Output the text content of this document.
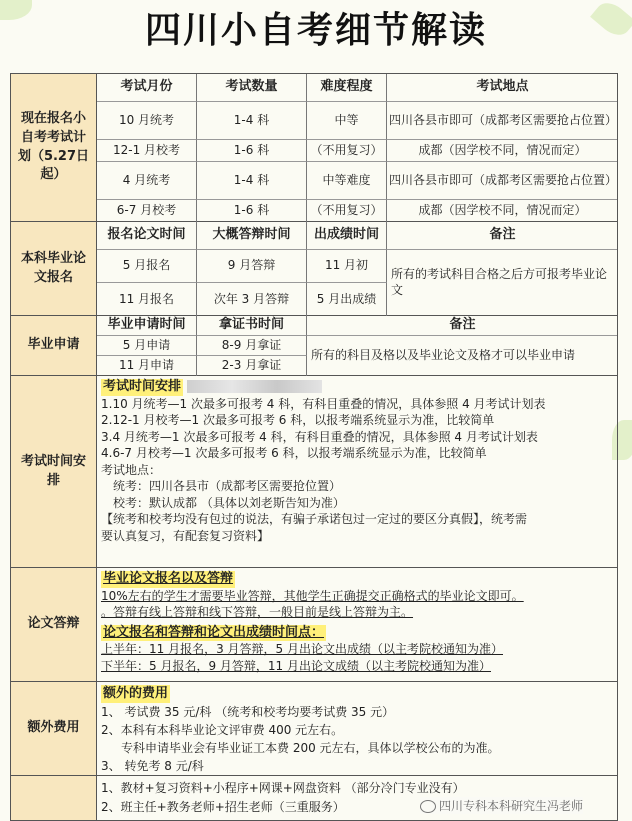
四川小自考细节解读
现在报名小自考考试计划（5.27日起）
考试月份	考试数量	难度程度	考试地点
10 月统考	1-4 科	中等	四川各县市即可（成都考区需要抢占位置）
12-1 月校考	1-6 科	（不用复习）	成都（因学校不同，情况而定）
4 月统考	1-4 科	中等难度	四川各县市即可（成都考区需要抢占位置）
6-7 月校考	1-6 科	（不用复习）	成都（因学校不同，情况而定）
本科毕业论文报名
报名论文时间	大概答辩时间	出成绩时间	备注
5 月报名	9 月答辩	11 月初
11 月报名	次年 3 月答辩	5 月出成绩
所有的考试科目合格之后方可报考毕业论文
毕业申请
毕业申请时间	拿证书时间	备注
5 月申请	8-9 月拿证
11 月申请	2-3 月拿证
所有的科目及格以及毕业论文及格才可以毕业申请
考试时间安排
考试时间安排
1.10 月统考—1 次最多可报考 4 科，有科目重叠的情况，具体参照 4 月考试计划表
2.12-1 月校考—1 次最多可报考 6 科，以报考端系统显示为准，比较简单
3.4 月统考—1 次最多可报考 4 科，有科目重叠的情况，具体参照 4 月考试计划表
4.6-7 月校考—1 次最多可报考 6 科，以报考端系统显示为准，比较简单
考试地点：
统考：四川各县市（成都考区需要抢位置）
校考：默认成都 （具体以刘老斯告知为准）
【统考和校考均没有包过的说法，有骗子承诺包过一定过的要区分真假】，统考需
要认真复习，有配套复习资料】
论文答辩
毕业论文报名以及答辩
10%左右的学生才需要毕业答辩，其他学生正确提交正确格式的毕业论文即可。
。答辩有线上答辩和线下答辩，一般目前是线上答辩为主。
论文报名和答辩和论文出成绩时间点：
上半年：11 月报名，3 月答辩，5 月出论文出成绩（以主考院校通知为准）
下半年：5 月报名，9 月答辩，11 月出论文成绩（以主考院校通知为准）
额外费用
额外的费用
1、 考试费 35 元/科 （统考和校考均要考试费 35 元）
2、本科有本科毕业论文评审费 400 元左右。
专科申请毕业会有毕业证工本费 200 元左右，具体以学校公布的为准。
3、 转免考 8 元/科
1、教材+复习资料+小程序+网课+网盘资料 （部分冷门专业没有）
2、班主任+教务老师+招生老师（三重服务）	四川专科本科研究生冯老师
